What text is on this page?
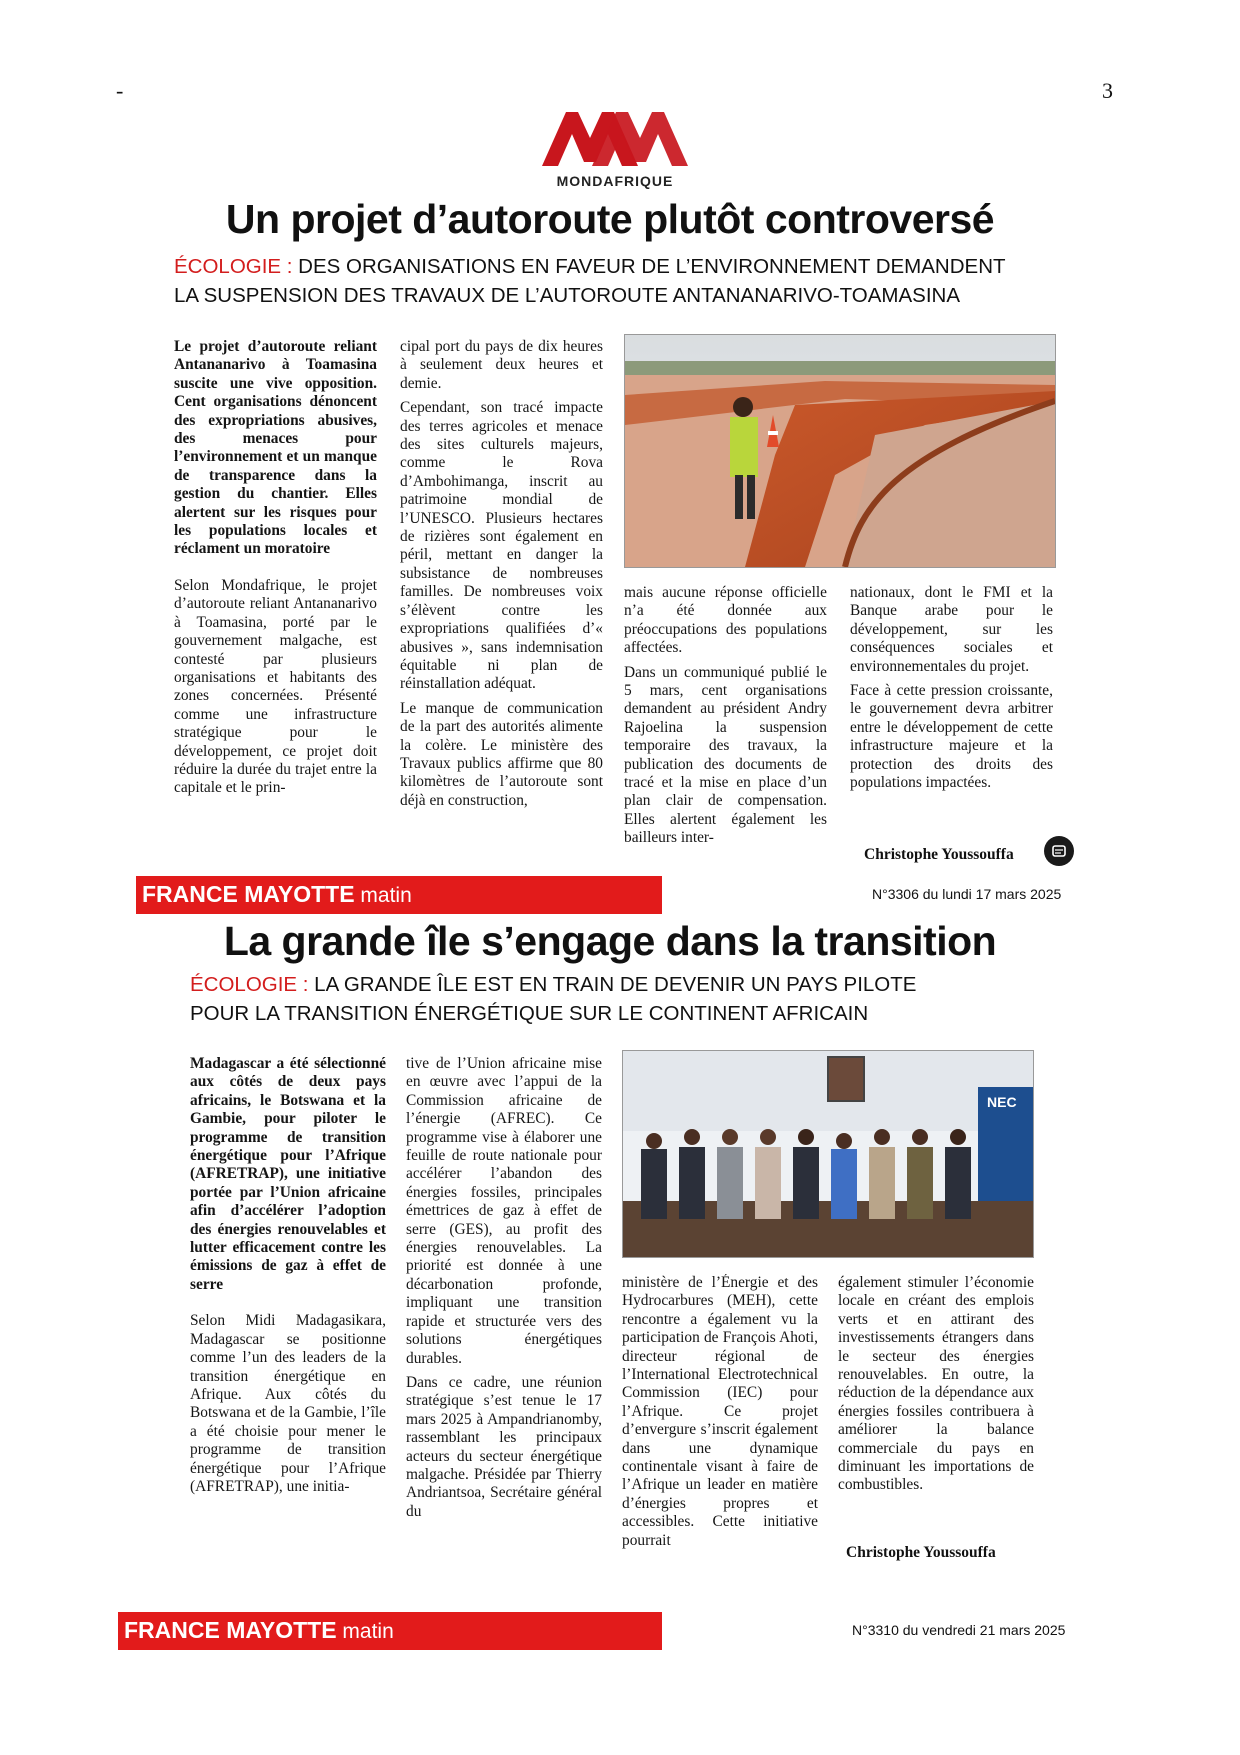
-	3
MONDAFRIQUE
Un projet d’autoroute plutôt controversé
ÉCOLOGIE : DES ORGANISATIONS EN FAVEUR DE L’ENVIRONNEMENT DEMANDENT
LA SUSPENSION DES TRAVAUX DE L’AUTOROUTE ANTANANARIVO-TOAMASINA

Le projet d’autoroute reliant Antananarivo à Toamasina suscite une vive opposition. Cent organisations dénoncent des expropriations abusives, des menaces pour l’environnement et un manque de transparence dans la gestion du chantier. Elles alertent sur les risques pour les populations locales et réclament un moratoire

Selon Mondafrique, le projet d’autoroute reliant Antananarivo à Toamasina, porté par le gouvernement malgache, est contesté par plusieurs organisations et habitants des zones concernées. Présenté comme une infrastructure stratégique pour le développement, ce projet doit réduire la durée du trajet entre la capitale et le prin-

cipal port du pays de dix heures à seulement deux heures et demie.

Cependant, son tracé impacte des terres agricoles et menace des sites culturels majeurs, comme le Rova d’Ambohimanga, inscrit au patrimoine mondial de l’UNESCO. Plusieurs hectares de rizières sont également en péril, mettant en danger la subsistance de nombreuses familles. De nombreuses voix s’élèvent contre les expropriations qualifiées d’« abusives », sans indemnisation équitable ni plan de réinstallation adéquat.

Le manque de communication de la part des autorités alimente la colère. Le ministère des Travaux publics affirme que 80 kilomètres de l’autoroute sont déjà en construction,

mais aucune réponse officielle n’a été donnée aux préoccupations des populations affectées.

Dans un communiqué publié le 5 mars, cent organisations demandent au président Andry Rajoelina la suspension temporaire des travaux, la publication des documents de tracé et la mise en place d’un plan clair de compensation. Elles alertent également les bailleurs inter-

nationaux, dont le FMI et la Banque arabe pour le développement, sur les conséquences sociales et environnementales du projet.

Face à cette pression croissante, le gouvernement devra arbitrer entre le développement de cette infrastructure majeure et la protection des droits des populations impactées.

Christophe Youssouffa
FRANCE MAYOTTE matin	N°3306 du lundi 17 mars 2025
La grande île s’engage dans la transition
ÉCOLOGIE : LA GRANDE ÎLE EST EN TRAIN DE DEVENIR UN PAYS PILOTE
POUR LA TRANSITION ÉNERGÉTIQUE SUR LE CONTINENT AFRICAIN

Madagascar a été sélectionné aux côtés de deux pays africains, le Botswana et la Gambie, pour piloter le programme de transition énergétique pour l’Afrique (AFRETRAP), une initiative portée par l’Union africaine afin d’accélérer l’adoption des énergies renouvelables et lutter efficacement contre les émissions de gaz à effet de serre

Selon Midi Madagasikara, Madagascar se positionne comme l’un des leaders de la transition énergétique en Afrique. Aux côtés du Botswana et de la Gambie, l’île a été choisie pour mener le programme de transition énergétique pour l’Afrique (AFRETRAP), une initia-

tive de l’Union africaine mise en œuvre avec l’appui de la Commission africaine de l’énergie (AFREC). Ce programme vise à élaborer une feuille de route nationale pour accélérer l’abandon des énergies fossiles, principales émettrices de gaz à effet de serre (GES), au profit des énergies renouvelables. La priorité est donnée à une décarbonation profonde, impliquant une transition rapide et structurée vers des solutions énergétiques durables.

Dans ce cadre, une réunion stratégique s’est tenue le 17 mars 2025 à Ampandrianomby, rassemblant les principaux acteurs du secteur énergétique malgache. Présidée par Thierry Andriantsoa, Secrétaire général du

NEC

ministère de l’Énergie et des Hydrocarbures (MEH), cette rencontre a également vu la participation de François Ahoti, directeur régional de l’International Electrotechnical Commission (IEC) pour l’Afrique. Ce projet d’envergure s’inscrit également dans une dynamique continentale visant à faire de l’Afrique un leader en matière d’énergies propres et accessibles. Cette initiative pourrait

également stimuler l’économie locale en créant des emplois verts et en attirant des investissements étrangers dans le secteur des énergies renouvelables. En outre, la réduction de la dépendance aux énergies fossiles contribuera à améliorer la balance commerciale du pays en diminuant les importations de combustibles.

Christophe Youssouffa
FRANCE MAYOTTE matin	N°3310 du vendredi 21 mars 2025
